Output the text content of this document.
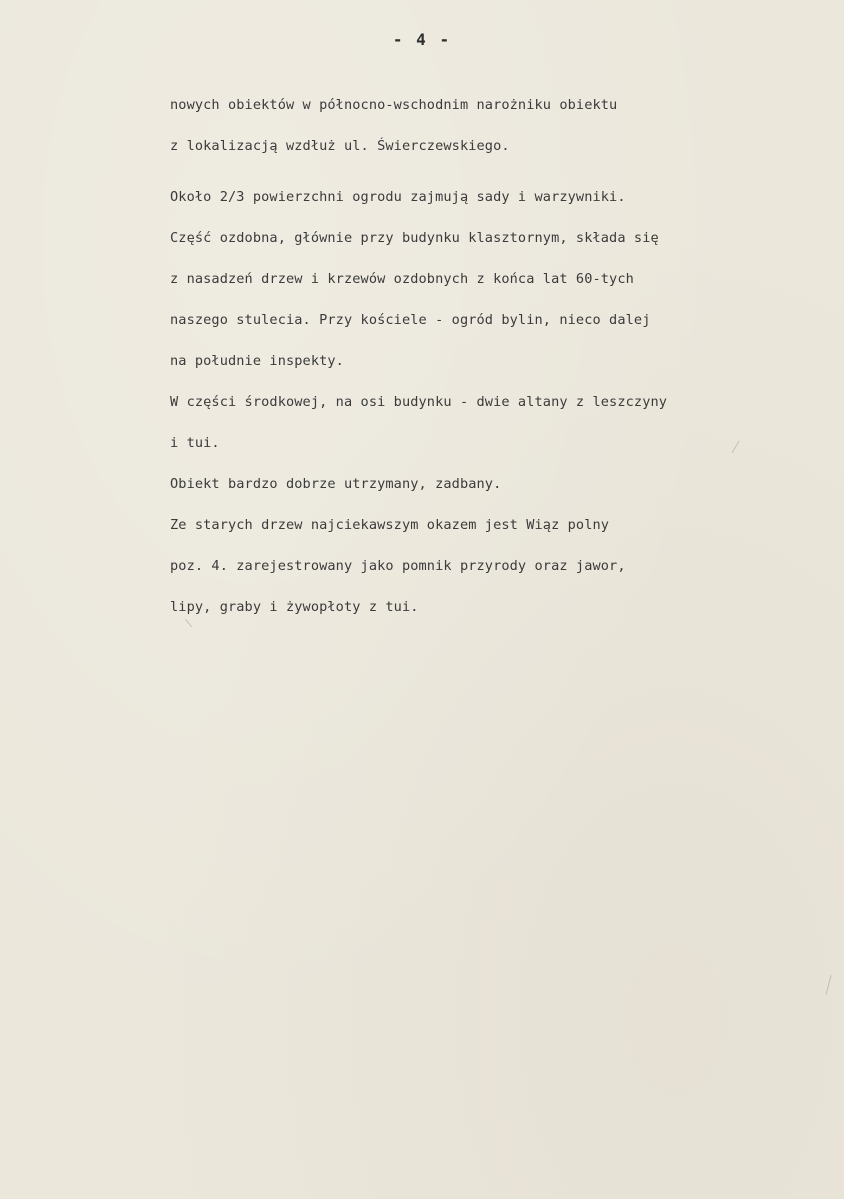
- 4 -
nowych obiektów w północno-wschodnim narożniku obiektu
z lokalizacją wzdłuż ul. Świerczewskiego.
Około 2/3 powierzchni ogrodu zajmują sady i warzywniki.
Część ozdobna, głównie przy budynku klasztornym, składa się
z nasadzeń drzew i krzewów ozdobnych z końca lat 60-tych
naszego stulecia. Przy kościele - ogród bylin, nieco dalej
na południe inspekty.
W części środkowej, na osi budynku - dwie altany z leszczyny
i tui.
Obiekt bardzo dobrze utrzymany, zadbany.
Ze starych drzew najciekawszym okazem jest Wiąz polny
poz. 4. zarejestrowany jako pomnik przyrody oraz jawor,
lipy, graby i żywopłoty z tui.
